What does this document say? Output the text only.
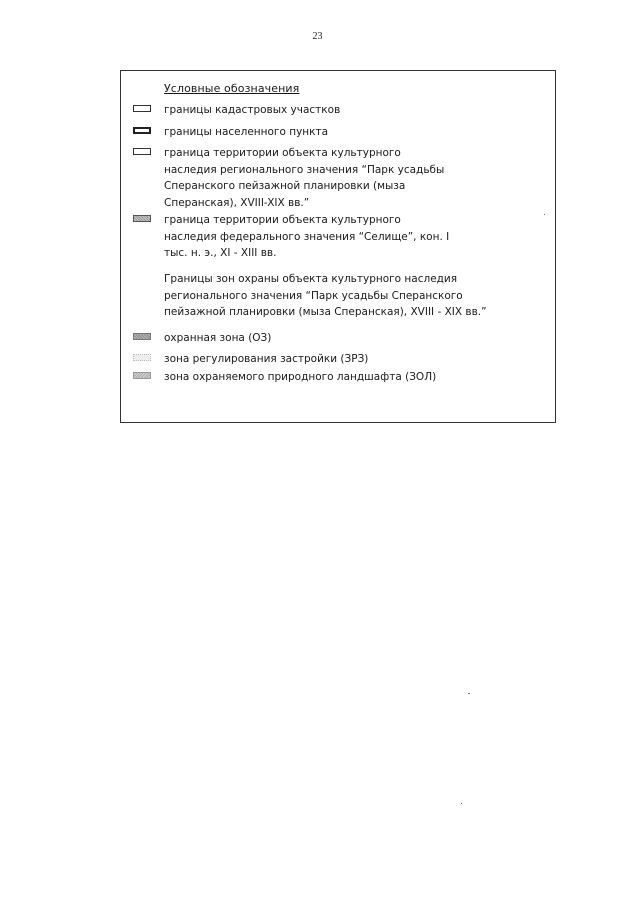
23
Условные обозначения

границы кадастровых участков

границы населенного пункта

граница территории объекта культурного
наследия регионального значения “Парк усадьбы
Сперанского пейзажной планировки (мыза
Сперанская), XVIII-XIX вв.”

граница территории объекта культурного
наследия федерального значения “Селище”, кон. I
тыс. н. э., XI - XIII вв.

Границы зон охраны объекта культурного наследия
регионального значения “Парк усадьбы Сперанского
пейзажной планировки (мыза Сперанская), XVIII - XIX вв.”

охранная зона (ОЗ)

зона регулирования застройки (ЗРЗ)

зона охраняемого природного ландшафта (ЗОЛ)
